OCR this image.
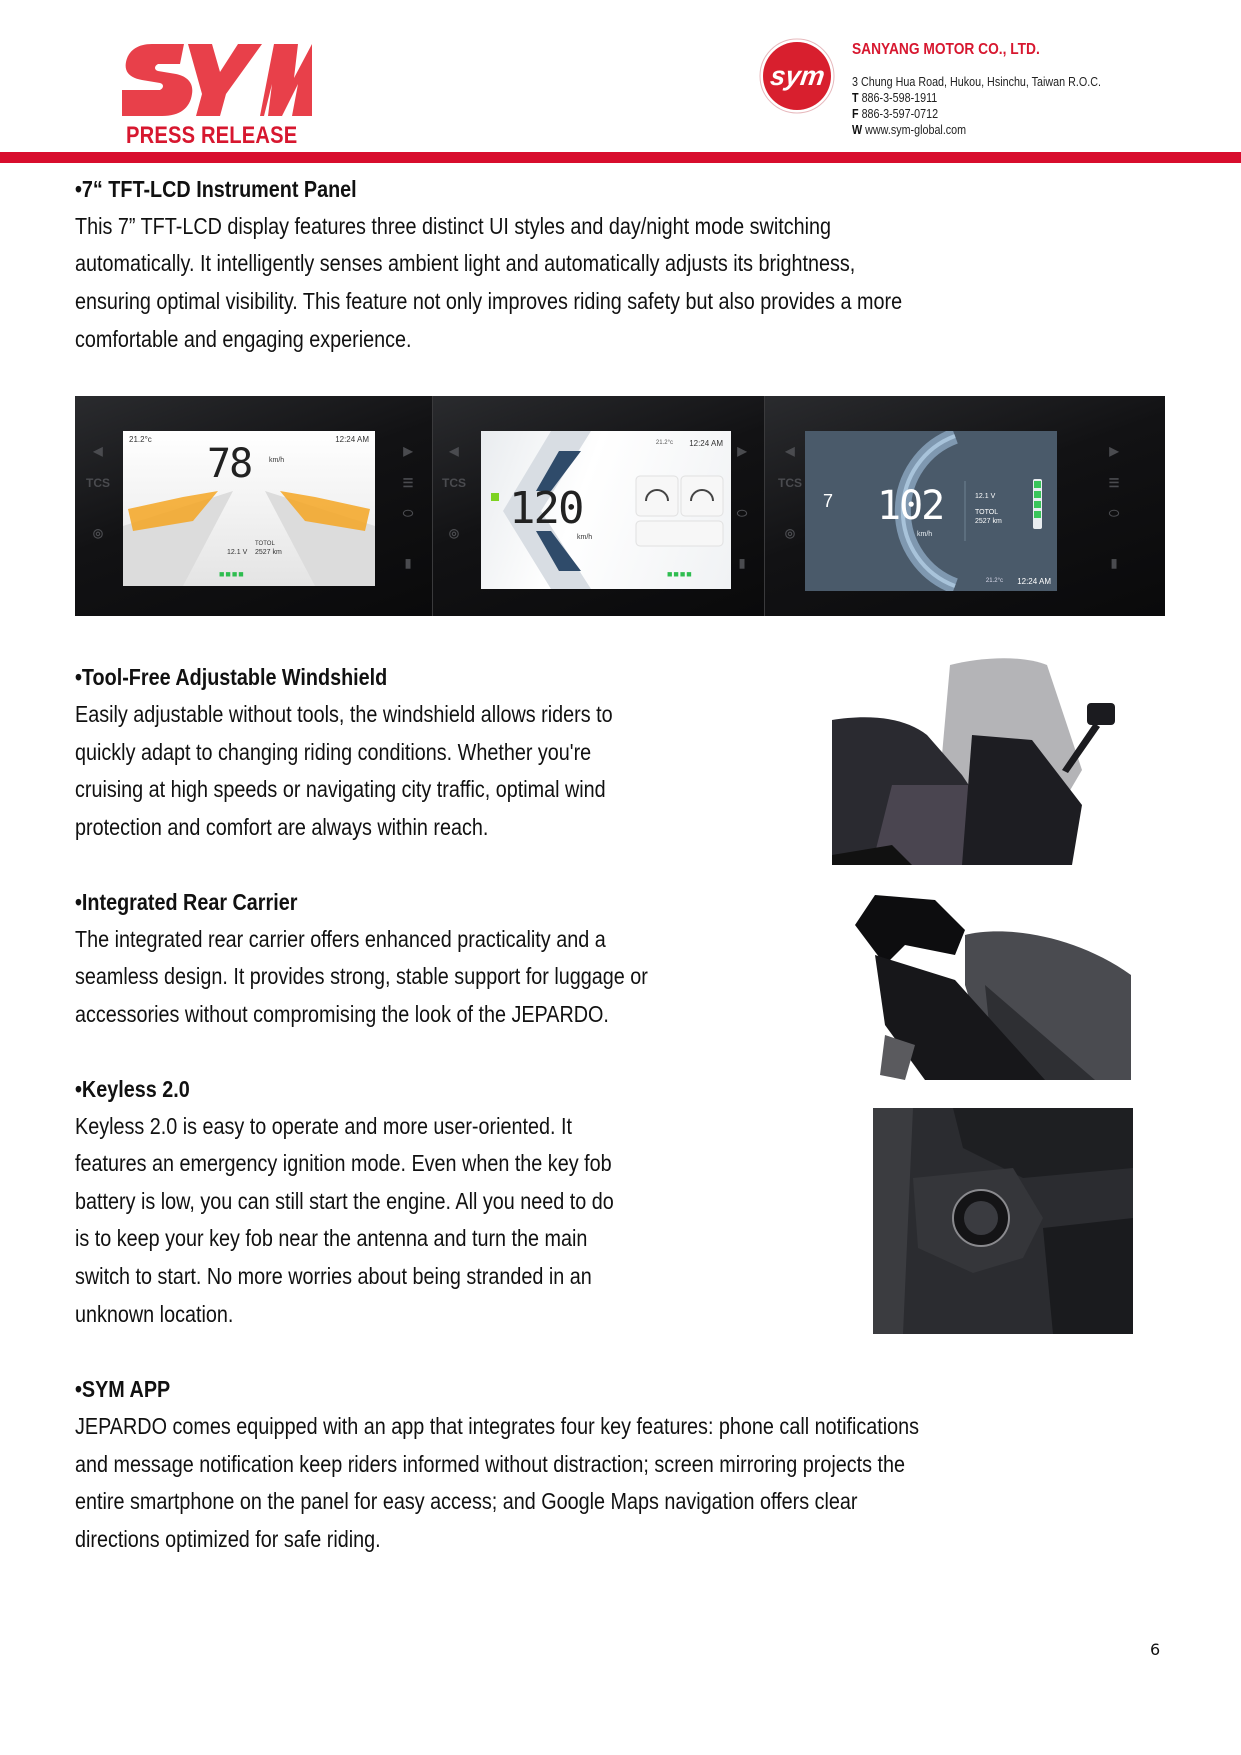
PRESS RELEASE
sym
SANYANG MOTOR CO., LTD.
3 Chung Hua Road, Hukou, Hsinchu, Taiwan R.O.C.
T 886-3-598-1911
F 886-3-597-0712
W www.sym-global.com
•7“ TFT-LCD Instrument Panel
This 7” TFT-LCD display features three distinct UI styles and day/night mode switching
automatically. It intelligently senses ambient light and automatically adjusts its brightness,
ensuring optimal visibility. This feature not only improves riding safety but also provides a more
comfortable and engaging experience.
◀
TCS
◎
▶
☰
⬭
▮
21.2°c	12:24 AM
78	km/h
12.1 V
TOTOL
2527 km
■■■■
◀
TCS
◎
▶
⬭
▮
12:24 AM
21.2°c
120
km/h
■■■■
◀
TCS
◎
▶
☰
⬭
▮
7 102
km/h
12.1 V
TOTOL
2527 km
12:24 AM
21.2°c
•Tool-Free Adjustable Windshield
Easily adjustable without tools, the windshield allows riders to
quickly adapt to changing riding conditions. Whether you're
cruising at high speeds or navigating city traffic, optimal wind
protection and comfort are always within reach.
•Integrated Rear Carrier
The integrated rear carrier offers enhanced practicality and a
seamless design. It provides strong, stable support for luggage or
accessories without compromising the look of the JEPARDO.
•Keyless 2.0
Keyless 2.0 is easy to operate and more user-oriented. It
features an emergency ignition mode. Even when the key fob
battery is low, you can still start the engine. All you need to do
is to keep your key fob near the antenna and turn the main
switch to start. No more worries about being stranded in an
unknown location.
•SYM APP
JEPARDO comes equipped with an app that integrates four key features: phone call notifications
and message notification keep riders informed without distraction; screen mirroring projects the
entire smartphone on the panel for easy access; and Google Maps navigation offers clear
directions optimized for safe riding.
6
